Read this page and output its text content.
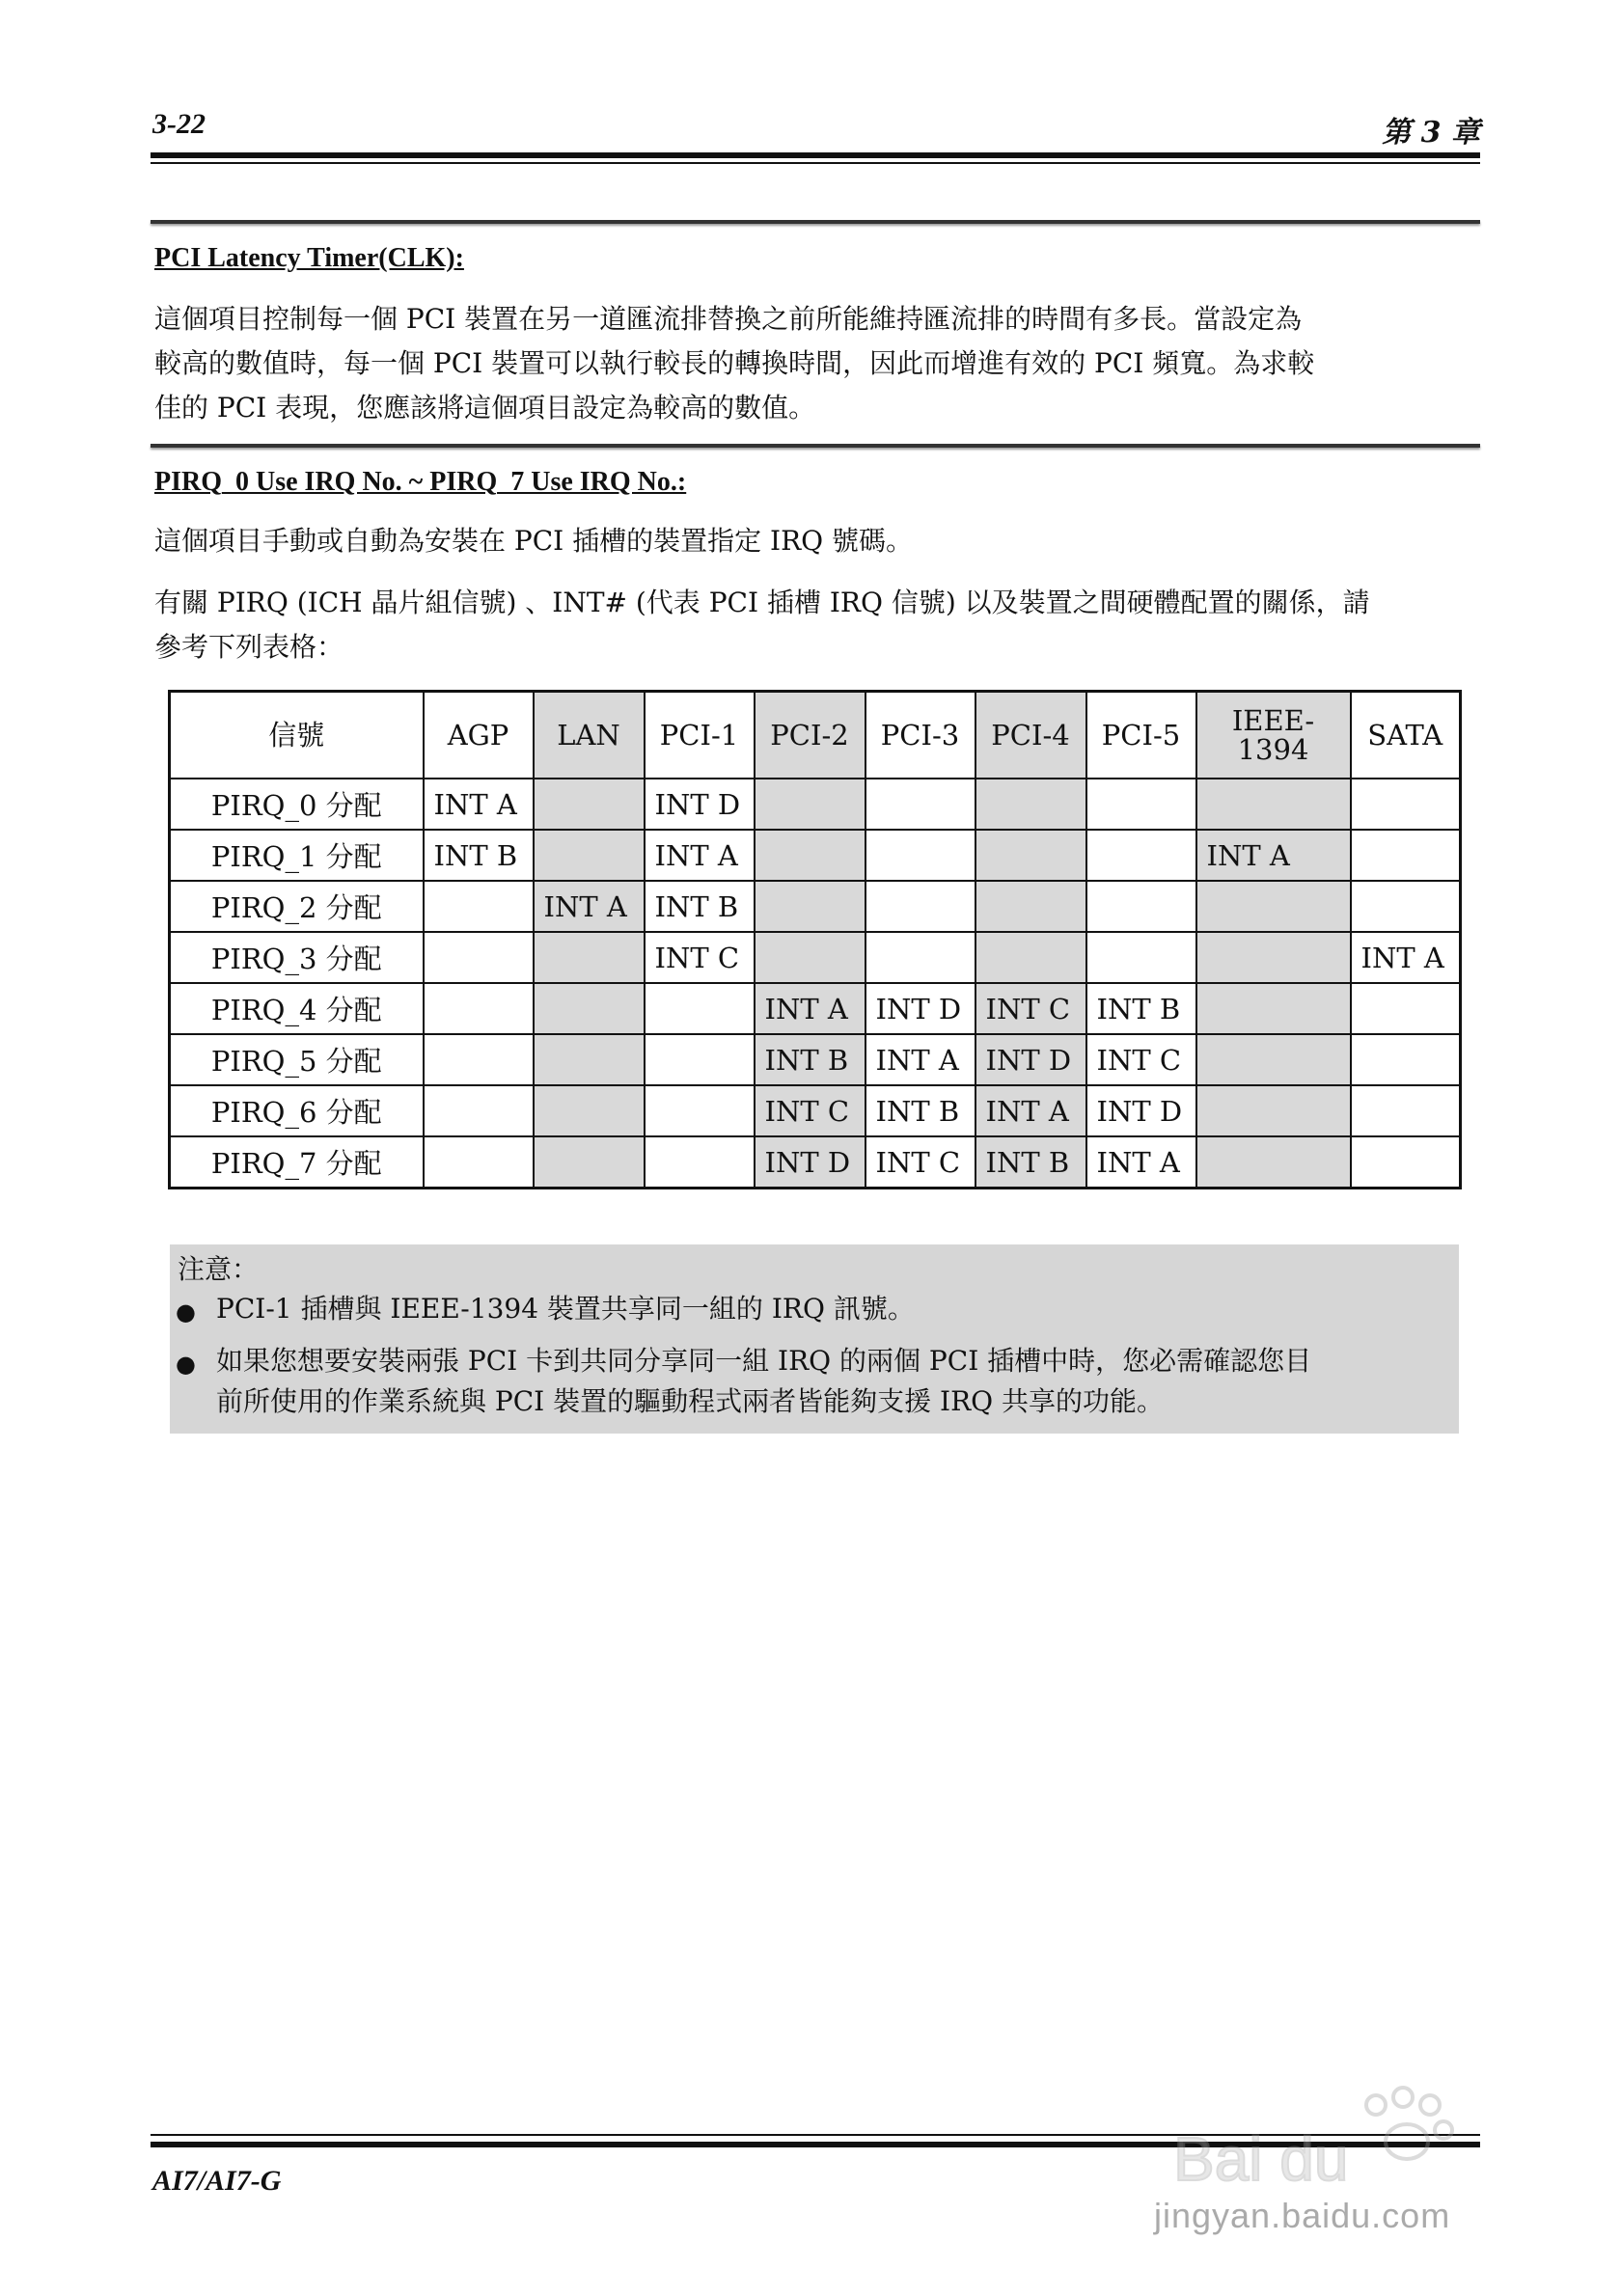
3-22	第 3 章
PCI Latency Timer(CLK):
這個項目控制每一個 PCI 裝置在另一道匯流排替換之前所能維持匯流排的時間有多長。當設定為
較高的數值時，每一個 PCI 裝置可以執行較長的轉換時間，因此而增進有效的 PCI 頻寬。為求較
佳的 PCI 表現，您應該將這個項目設定為較高的數值。
PIRQ_0 Use IRQ No. ~ PIRQ_7 Use IRQ No.:
這個項目手動或自動為安裝在 PCI 插槽的裝置指定 IRQ 號碼。
有關 PIRQ (ICH 晶片組信號) 、INT# (代表 PCI 插槽 IRQ 信號) 以及裝置之間硬體配置的關係，請
參考下列表格：
信號	AGP	LAN	PCI-1	PCI-2	PCI-3	PCI-4	PCI-5	IEEE-1394	SATA
PIRQ_0 分配	INT A		INT D						
PIRQ_1 分配	INT B		INT A					INT A	
PIRQ_2 分配		INT A	INT B						
PIRQ_3 分配			INT C						INT A
PIRQ_4 分配				INT A	INT D	INT C	INT B		
PIRQ_5 分配				INT B	INT A	INT D	INT C		
PIRQ_6 分配				INT C	INT B	INT A	INT D		
PIRQ_7 分配				INT D	INT C	INT B	INT A		
注意：
● PCI-1 插槽與 IEEE-1394 裝置共享同一組的 IRQ 訊號。
● 如果您想要安裝兩張 PCI 卡到共同分享同一組 IRQ 的兩個 PCI 插槽中時，您必需確認您目
前所使用的作業系統與 PCI 裝置的驅動程式兩者皆能夠支援 IRQ 共享的功能。
AI7/AI7-G	Bai du
jingyan.baidu.com
